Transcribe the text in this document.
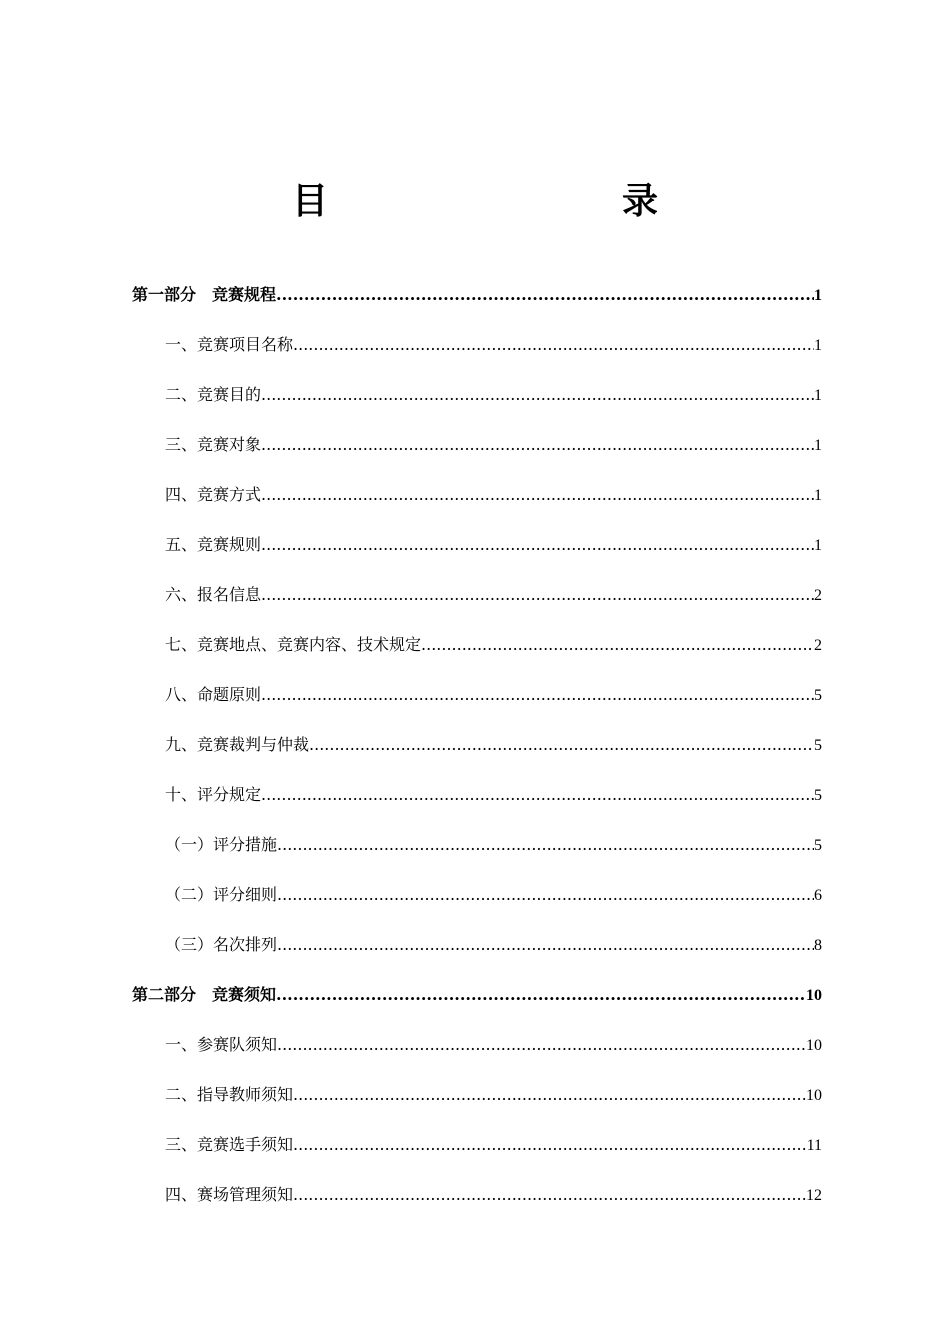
目　　录
第一部分　竞赛规程 .....	1
一、竞赛项目名称 .....	1
二、竞赛目的 .....	1
三、竞赛对象 .....	1
四、竞赛方式 .....	1
五、竞赛规则 .....	1
六、报名信息 .....	2
七、竞赛地点、竞赛内容、技术规定 .....	2
八、命题原则 .....	5
九、竞赛裁判与仲裁 .....	5
十、评分规定 .....	5
（一）评分措施 .....	5
（二）评分细则 .....	6
（三）名次排列 .....	8
第二部分　竞赛须知 .....	10
一、参赛队须知 .....	10
二、指导教师须知 .....	10
三、竞赛选手须知 .....	11
四、赛场管理须知 .....	12
